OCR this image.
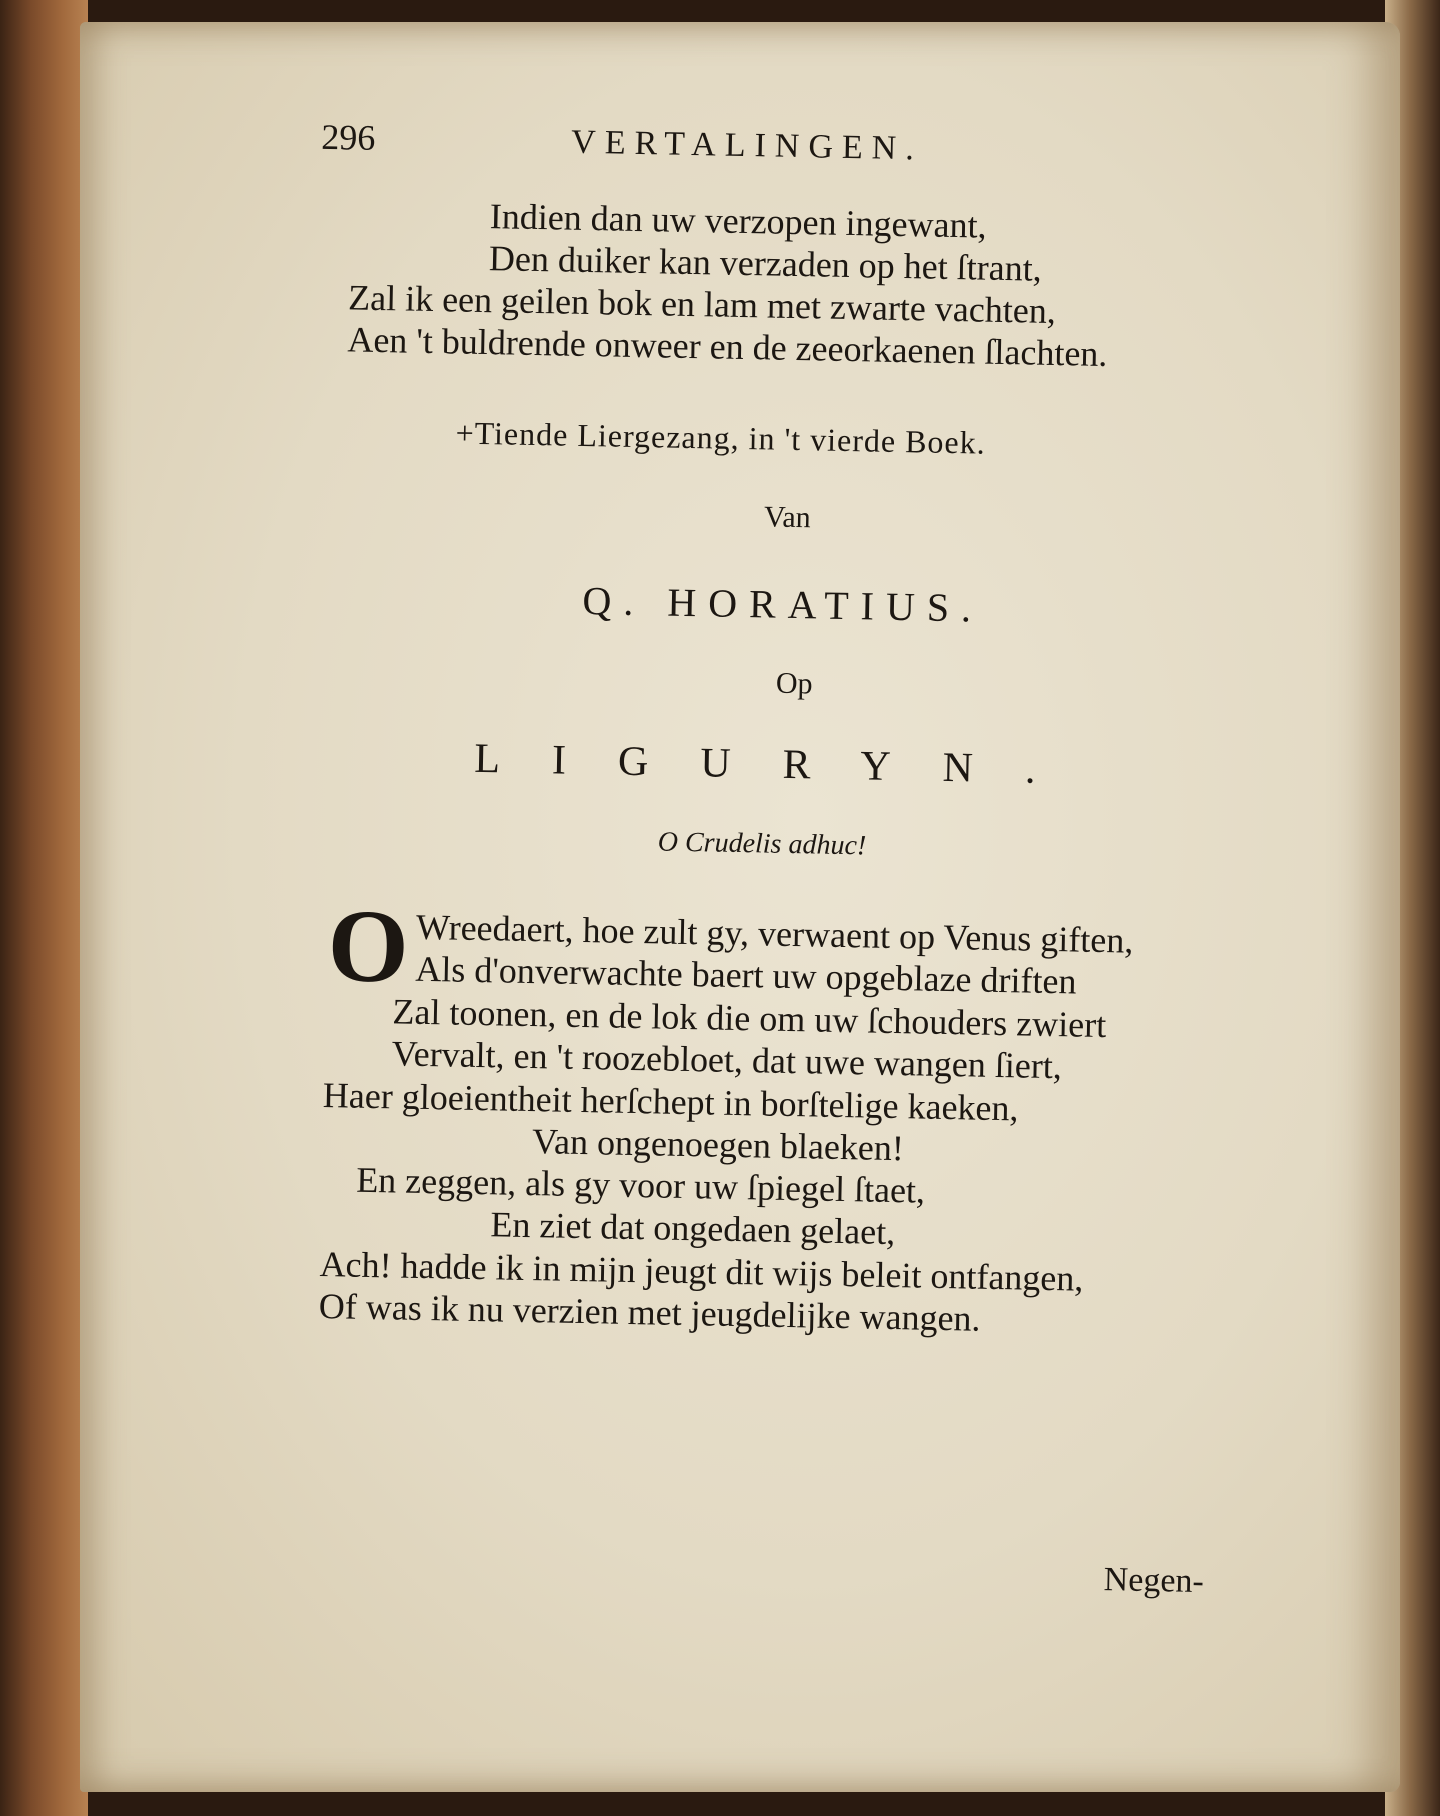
296	VERTALINGEN.
Indien dan uw verzopen ingewant,
Den duiker kan verzaden op het ſtrant,
Zal ik een geilen bok en lam met zwarte vachten,
Aen 't buldrende onweer en de zeeorkaenen ſlachten.
+Tiende Liergezang, in 't vierde Boek.
Van
Q. HORATIUS.
Op
LIGURYN.
O Crudelis adhuc!
O Wreedaert, hoe zult gy, verwaent op Venus giften,
Als d'onverwachte baert uw opgeblaze driften
Zal toonen, en de lok die om uw ſchouders zwiert
Vervalt, en 't roozebloet, dat uwe wangen ſiert,
Haer gloeientheit herſchept in borſtelige kaeken,
Van ongenoegen blaeken!
En zeggen, als gy voor uw ſpiegel ſtaet,
En ziet dat ongedaen gelaet,
Ach! hadde ik in mijn jeugt dit wijs beleit ontfangen,
Of was ik nu verzien met jeugdelijke wangen.
Negen-
